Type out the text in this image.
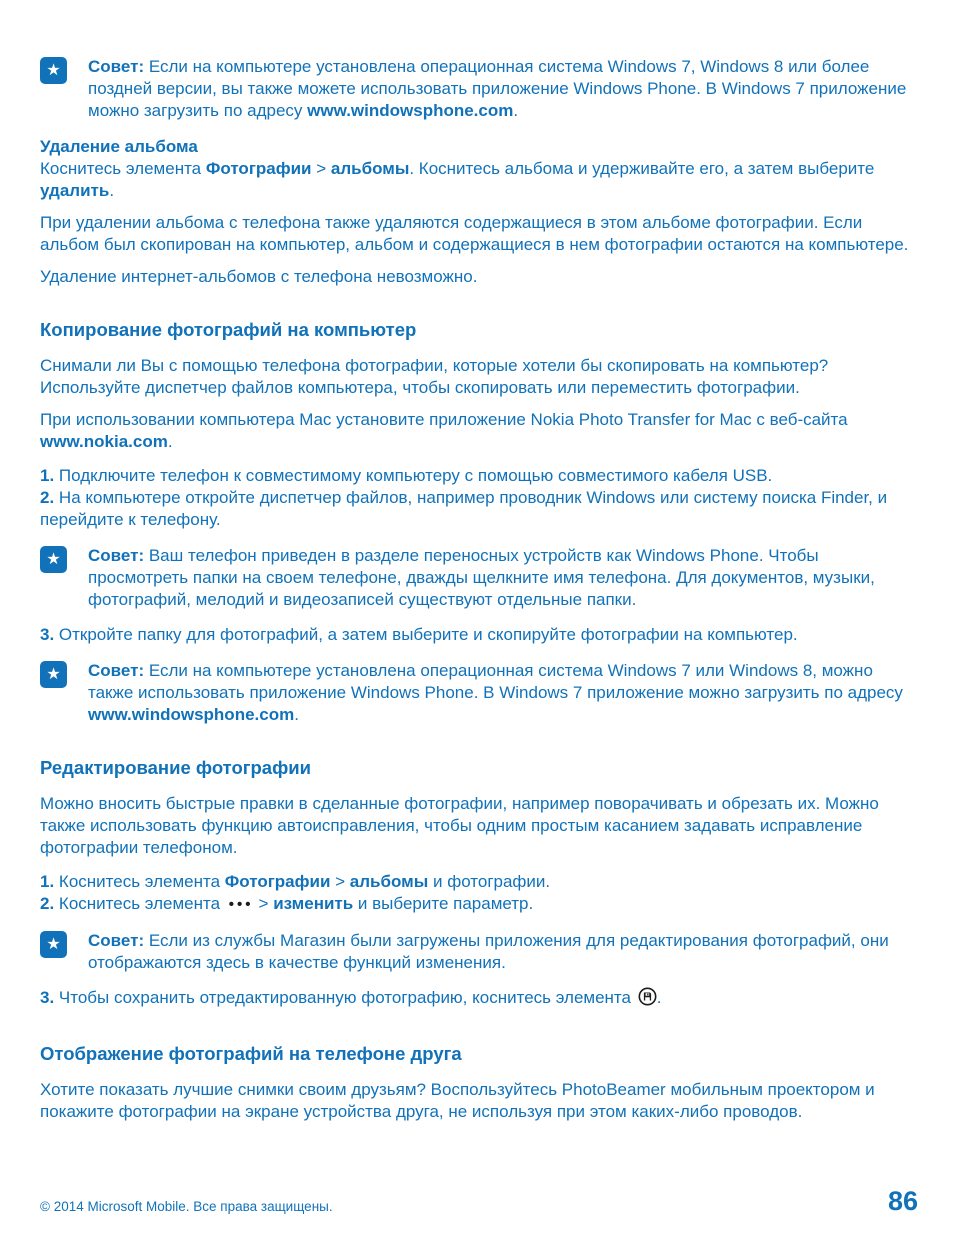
★ Совет: Если на компьютере установлена операционная система Windows 7, Windows 8 или более поздней версии, вы также можете использовать приложение Windows Phone. В Windows 7 приложение можно загрузить по адресу www.windowsphone.com.

Удаление альбома

Коснитесь элемента Фотографии > альбомы. Коснитесь альбома и удерживайте его, а затем выберите удалить.

При удалении альбома с телефона также удаляются содержащиеся в этом альбоме фотографии. Если альбом был скопирован на компьютер, альбом и содержащиеся в нем фотографии остаются на компьютере.

Удаление интернет-альбомов с телефона невозможно.

Копирование фотографий на компьютер

Снимали ли Вы с помощью телефона фотографии, которые хотели бы скопировать на компьютер? Используйте диспетчер файлов компьютера, чтобы скопировать или переместить фотографии.

При использовании компьютера Mac установите приложение Nokia Photo Transfer for Mac с веб-сайта www.nokia.com.

1. Подключите телефон к совместимому компьютеру с помощью совместимого кабеля USB.

2. На компьютере откройте диспетчер файлов, например проводник Windows или систему поиска Finder, и перейдите к телефону.

★ Совет: Ваш телефон приведен в разделе переносных устройств как Windows Phone. Чтобы просмотреть папки на своем телефоне, дважды щелкните имя телефона. Для документов, музыки, фотографий, мелодий и видеозаписей существуют отдельные папки.

3. Откройте папку для фотографий, а затем выберите и скопируйте фотографии на компьютер.

★ Совет: Если на компьютере установлена операционная система Windows 7 или Windows 8, можно также использовать приложение Windows Phone. В Windows 7 приложение можно загрузить по адресу www.windowsphone.com.

Редактирование фотографии

Можно вносить быстрые правки в сделанные фотографии, например поворачивать и обрезать их. Можно также использовать функцию автоисправления, чтобы одним простым касанием задавать исправление фотографии телефоном.

1. Коснитесь элемента Фотографии > альбомы и фотографии.

2. Коснитесь элемента ••• > изменить и выберите параметр.

★ Совет: Если из службы Магазин были загружены приложения для редактирования фотографий, они отображаются здесь в качестве функций изменения.

3. Чтобы сохранить отредактированную фотографию, коснитесь элемента .

Отображение фотографий на телефоне друга

Хотите показать лучшие снимки своим друзьям? Воспользуйтесь PhotoBeamer мобильным проектором и покажите фотографии на экране устройства друга, не используя при этом каких-либо проводов.

© 2014 Microsoft Mobile. Все права защищены.	86
